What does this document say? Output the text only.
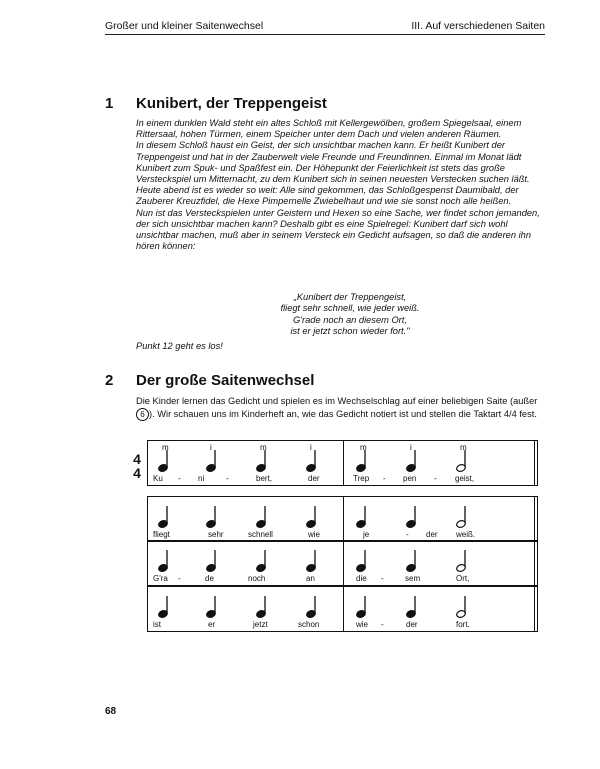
Großer und kleiner Saitenwechsel	III. Auf verschiedenen Saiten
1 Kunibert, der Treppengeist

In einem dunklen Wald steht ein altes Schloß mit Kellergewölben, großem Spiegelsaal, einem Rittersaal, hohen Türmen, einem Speicher unter dem Dach und vielen anderen Räumen.

In diesem Schloß haust ein Geist, der sich unsichtbar machen kann. Er heißt Kunibert der Treppengeist und hat in der Zauberwelt viele Freunde und Freundinnen. Einmal im Monat lädt Kunibert zum Spuk- und Spaßfest ein. Der Höhepunkt der Feierlichkeit ist stets das große Versteckspiel um Mitternacht, zu dem Kunibert sich in seinen neuesten Verstecken suchen läßt.

Heute abend ist es wieder so weit: Alle sind gekommen, das Schloßgespenst Daumibald, der Zauberer Kreuzfidel, die Hexe Pimpernelle Zwiebelhaut und wie sie sonst noch alle heißen.

Nun ist das Versteckspielen unter Geistern und Hexen so eine Sache, wer findet schon jemanden, der sich unsichtbar machen kann? Deshalb gibt es eine Spielregel: Kunibert darf sich wohl unsichtbar machen, muß aber in seinem Versteck ein Gedicht aufsagen, so daß die anderen ihn hören können:

„Kunibert der Treppengeist,
fliegt sehr schnell, wie jeder weiß.
G'rade noch an diesem Ort,
ist er jetzt schon wieder fort."
Punkt 12 geht es los!
2 Der große Saitenwechsel

Die Kinder lernen das Gedicht und spielen es im Wechselschlag auf einer beliebigen Saite (außer 6 ). Wir schauen uns im Kinderheft an, wie das Gedicht notiert ist und stellen die Taktart 4/4 fest.

4
4
m	i	m	i	m	i	m
Ku - ni	-	bert,	der	Trep - pen - geist,
fliegt	sehr	schnell	wie	je	- der weiß.
G'ra -	de	noch	an	die -	sem	Ort,
ist	er	jetzt	schon	wie -	der	fort.
68
